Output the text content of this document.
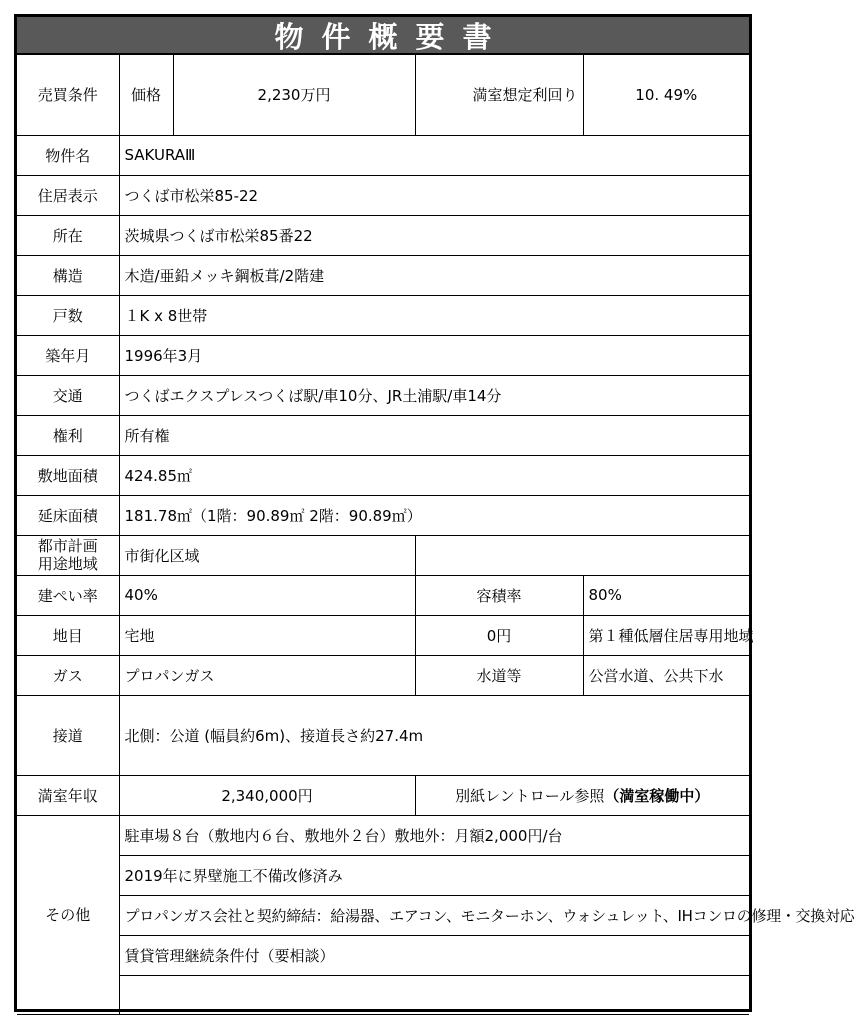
物件概要書
売買条件	価格	2,230万円	満室想定利回り	10. 49%
物件名	SAKURAⅢ			
住居表示	つくば市松栄85-22			
所在	茨城県つくば市松栄85番22			
構造	木造/亜鉛メッキ鋼板葺/2階建			
戸数	１K x 8世帯			
築年月	1996年3月			
交通	つくばエクスプレスつくば駅/車10分、JR土浦駅/車14分			
権利	所有権			
敷地面積	424.85㎡			
延床面積	181.78㎡（1階：90.89㎡ 2階：90.89㎡）			

都市計画
用途地域	市街化区域			
建ぺい率	40%		容積率	80%
地目	宅地		0円	第１種低層住居専用地域
ガス	プロパンガス		水道等	公営水道、公共下水
接道	北側：公道 (幅員約6m)、接道長さ約27.4m			
満室年収	2,340,000円		別紙レントロール参照（満室稼働中）	
その他	駐車場８台（敷地内６台、敷地外２台）敷地外：月額2,000円/台			
	2019年に界壁施工不備改修済み			
	プロパンガス会社と契約締結：給湯器、エアコン、モニターホン、ウォシュレット、IHコンロの修理・交換対応			
	賃貸管理継続条件付（要相談）			
